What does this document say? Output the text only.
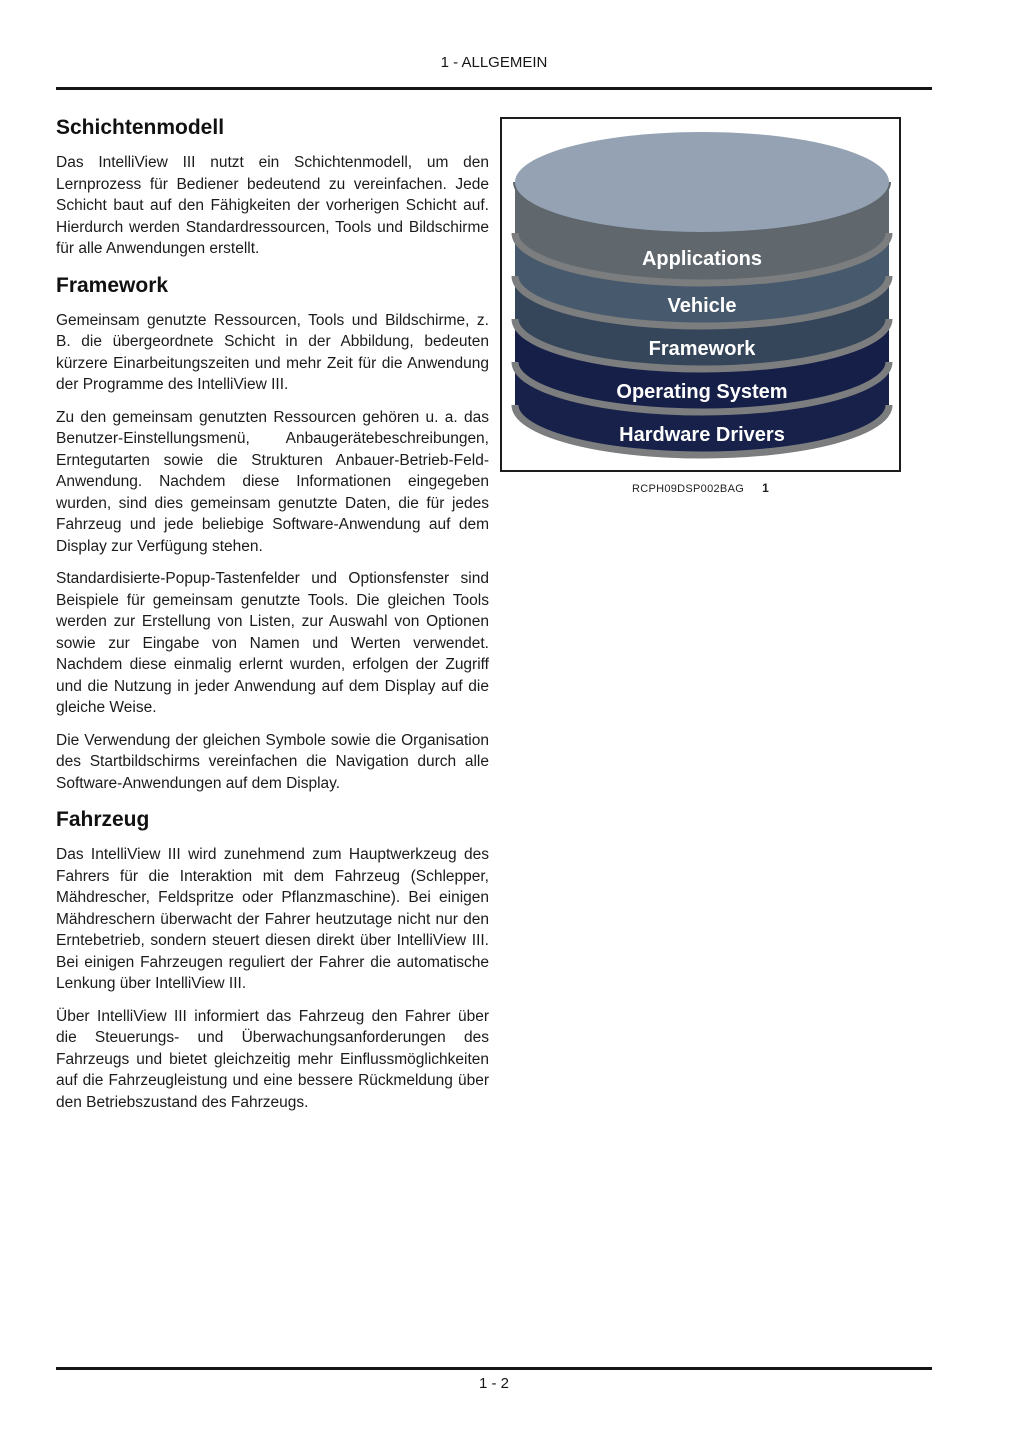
1 - ALLGEMEIN
Schichtenmodell

Das IntelliView III nutzt ein Schichtenmodell, um den Lernprozess für Bediener bedeutend zu vereinfachen. Jede Schicht baut auf den Fähigkeiten der vorherigen Schicht auf. Hierdurch werden Standardressourcen, Tools und Bildschirme für alle Anwendungen erstellt.

Framework

Gemeinsam genutzte Ressourcen, Tools und Bildschirme, z. B. die übergeordnete Schicht in der Abbildung, bedeuten kürzere Einarbeitungszeiten und mehr Zeit für die Anwendung der Programme des IntelliView III.

Zu den gemeinsam genutzten Ressourcen gehören u. a. das Benutzer-Einstellungsmenü, Anbaugerätebeschreibungen, Erntegutarten sowie die Strukturen Anbauer-Betrieb-Feld-Anwendung. Nachdem diese Informationen eingegeben wurden, sind dies gemeinsam genutzte Daten, die für jedes Fahrzeug und jede beliebige Software-Anwendung auf dem Display zur Verfügung stehen.

Standardisierte-Popup-Tastenfelder und Optionsfenster sind Beispiele für gemeinsam genutzte Tools. Die gleichen Tools werden zur Erstellung von Listen, zur Auswahl von Optionen sowie zur Eingabe von Namen und Werten verwendet. Nachdem diese einmalig erlernt wurden, erfolgen der Zugriff und die Nutzung in jeder Anwendung auf dem Display auf die gleiche Weise.

Die Verwendung der gleichen Symbole sowie die Organisation des Startbildschirms vereinfachen die Navigation durch alle Software-Anwendungen auf dem Display.

Fahrzeug

Das IntelliView III wird zunehmend zum Hauptwerkzeug des Fahrers für die Interaktion mit dem Fahrzeug (Schlepper, Mähdrescher, Feldspritze oder Pflanzmaschine). Bei einigen Mähdreschern überwacht der Fahrer heutzutage nicht nur den Erntebetrieb, sondern steuert diesen direkt über IntelliView III. Bei einigen Fahrzeugen reguliert der Fahrer die automatische Lenkung über IntelliView III.

Über IntelliView III informiert das Fahrzeug den Fahrer über die Steuerungs- und Überwachungsanforderungen des Fahrzeugs und bietet gleichzeitig mehr Einflussmöglichkeiten auf die Fahrzeugleistung und eine bessere Rückmeldung über den Betriebszustand des Fahrzeugs.

Applications
Vehicle
Framework
Operating System
Hardware Drivers
RCPH09DSP002BAG 1
1 - 2
